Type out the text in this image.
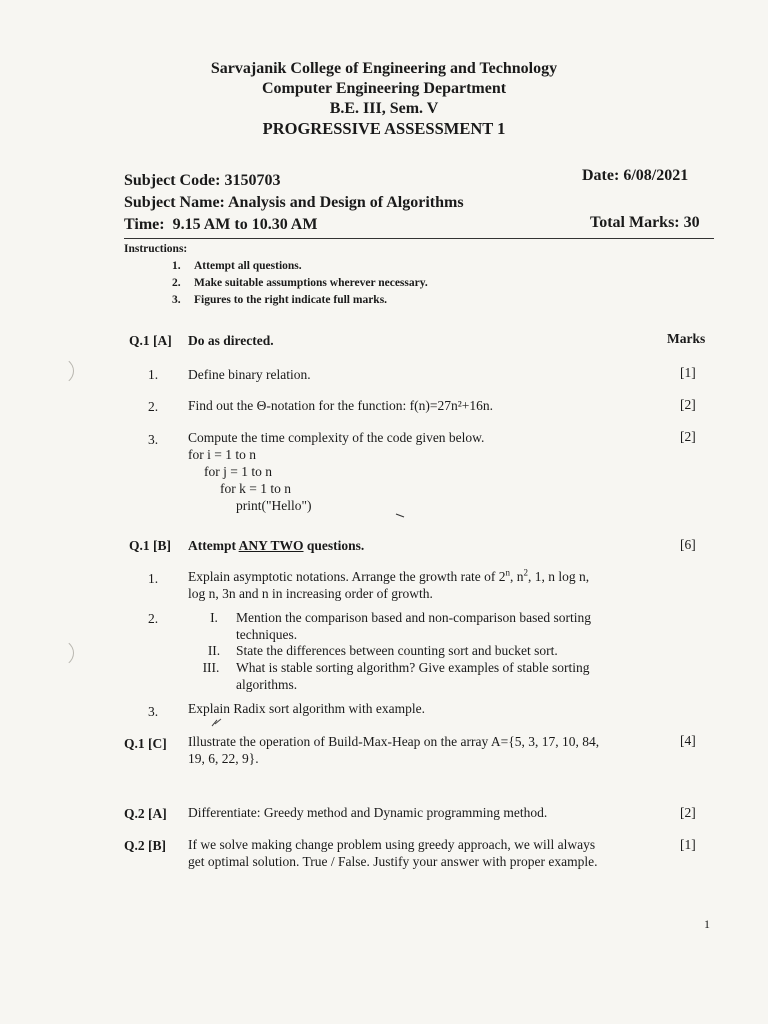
Sarvajanik College of Engineering and Technology
Computer Engineering Department
B.E. III, Sem. V
PROGRESSIVE ASSESSMENT 1
Subject Code: 3150703	Date: 6/08/2021
Subject Name: Analysis and Design of Algorithms
Time:  9.15 AM to 10.30 AM	Total Marks: 30
Instructions:
1. Attempt all questions.
2. Make suitable assumptions wherever necessary.
3. Figures to the right indicate full marks.
Q.1 [A] Do as directed.	Marks
1. Define binary relation.	[1]
2. Find out the Θ-notation for the function: f(n)=27n²+16n.	[2]
3. Compute the time complexity of the code given below.	[2]
for i = 1 to n
for j = 1 to n
for k = 1 to n
print("Hello")
Q.1 [B] Attempt ANY TWO questions.	[6]
1. Explain asymptotic notations. Arrange the growth rate of 2$^n$, $n^2$, 1, n log n,
log n, 3n and n in increasing order of growth.
2.	I.	Mention the comparison based and non-comparison based sorting
techniques.
II.	State the differences between counting sort and bucket sort.
III.	What is stable sorting algorithm? Give examples of stable sorting
algorithms.
3. Explain Radix sort algorithm with example.
Q.1 [C] Illustrate the operation of Build-Max-Heap on the array A={5, 3, 17, 10, 84,
19, 6, 22, 9}.
[4]
Q.2 [A] Differentiate: Greedy method and Dynamic programming method.	[2]
Q.2 [B] If we solve making change problem using greedy approach, we will always
get optimal solution. True / False. Justify your answer with proper example.
[1]
1
